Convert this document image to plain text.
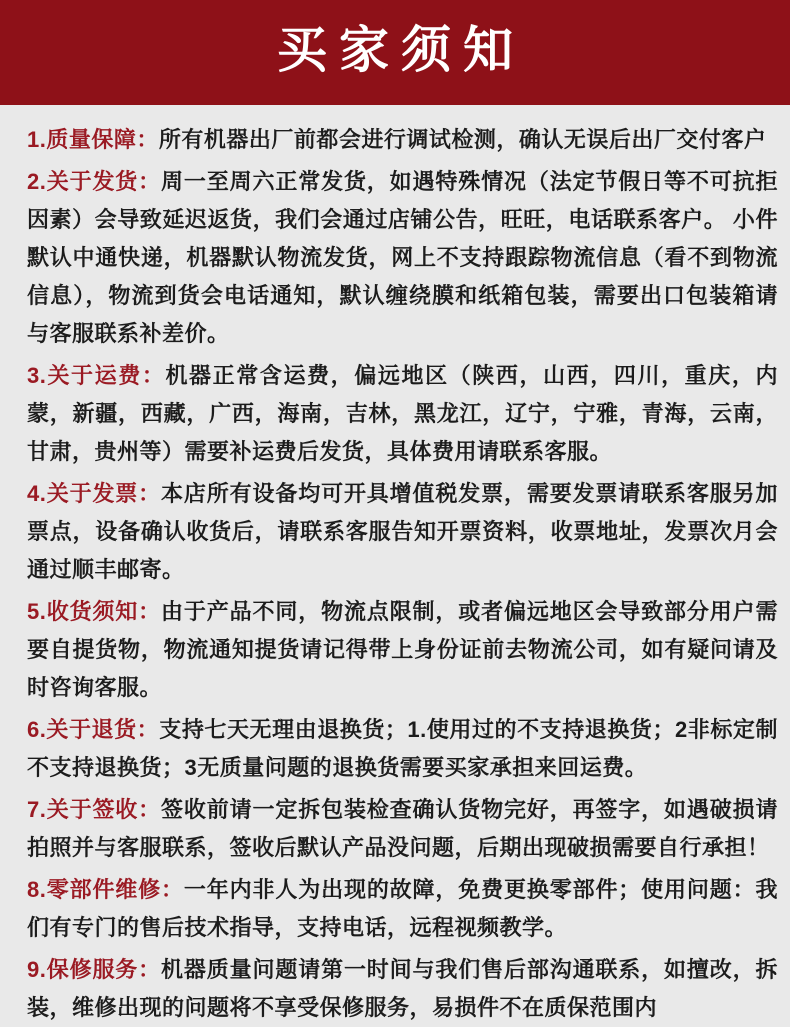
买家须知

1.质量保障：所有机器出厂前都会进行调试检测，确认无误后出厂交付客户

2.关于发货：周一至周六正常发货，如遇特殊情况（法定节假日等不可抗拒因素）会导致延迟返货，我们会通过店铺公告，旺旺，电话联系客户。 小件默认中通快递，机器默认物流发货，网上不支持跟踪物流信息（看不到物流信息），物流到货会电话通知，默认缠绕膜和纸箱包装，需要出口包装箱请与客服联系补差价。

3.关于运费：机器正常含运费，偏远地区（陕西，山西，四川，重庆，内蒙，新疆，西藏，广西，海南，吉林，黑龙江，辽宁，宁雅，青海，云南，甘肃，贵州等）需要补运费后发货，具体费用请联系客服。

4.关于发票：本店所有设备均可开具增值税发票，需要发票请联系客服另加票点，设备确认收货后，请联系客服告知开票资料，收票地址，发票次月会通过顺丰邮寄。

5.收货须知：由于产品不同，物流点限制，或者偏远地区会导致部分用户需要自提货物，物流通知提货请记得带上身份证前去物流公司，如有疑问请及时咨询客服。

6.关于退货：支持七天无理由退换货；1.使用过的不支持退换货；2非标定制不支持退换货；3无质量问题的退换货需要买家承担来回运费。

7.关于签收：签收前请一定拆包装检查确认货物完好，再签字，如遇破损请拍照并与客服联系，签收后默认产品没问题，后期出现破损需要自行承担！

8.零部件维修：一年内非人为出现的故障，免费更换零部件；使用问题：我们有专门的售后技术指导，支持电话，远程视频教学。

9.保修服务：机器质量问题请第一时间与我们售后部沟通联系，如擅改，拆装，维修出现的问题将不享受保修服务，易损件不在质保范围内
